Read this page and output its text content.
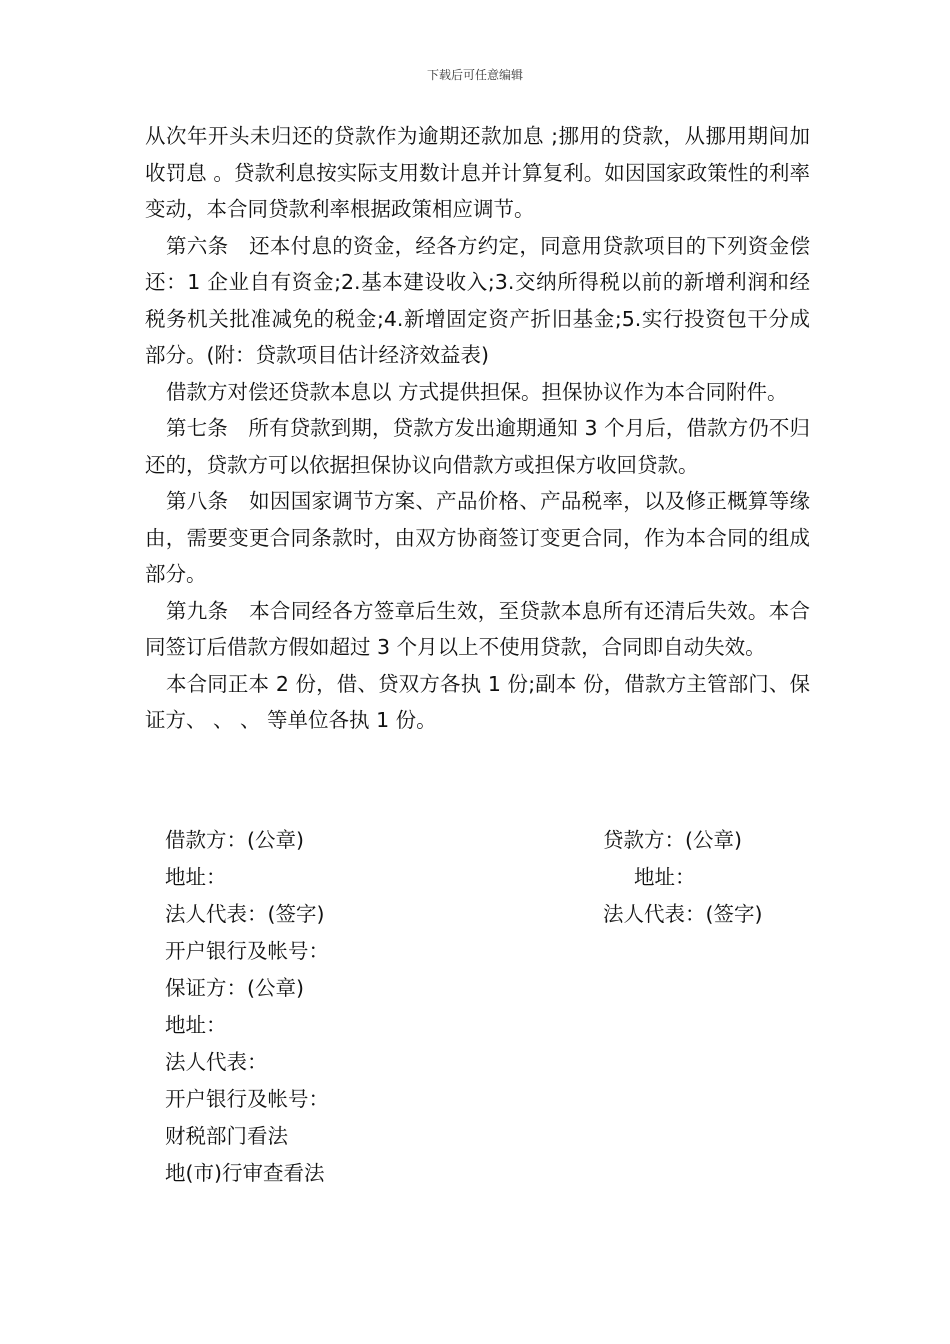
下载后可任意编辑

从次年开头未归还的贷款作为逾期还款加息 ;挪用的贷款，从挪用期间加收罚息 。贷款利息按实际支用数计息并计算复利。如因国家政策性的利率变动，本合同贷款利率根据政策相应调节。

第六条　还本付息的资金，经各方约定，同意用贷款项目的下列资金偿还：1 企业自有资金;2.基本建设收入;3.交纳所得税以前的新增利润和经税务机关批准减免的税金;4.新增固定资产折旧基金;5.实行投资包干分成部分。(附：贷款项目估计经济效益表)

借款方对偿还贷款本息以 方式提供担保。担保协议作为本合同附件。

第七条　所有贷款到期，贷款方发出逾期通知 3 个月后，借款方仍不归还的，贷款方可以依据担保协议向借款方或担保方收回贷款。

第八条　如因国家调节方案、产品价格、产品税率，以及修正概算等缘由，需要变更合同条款时，由双方协商签订变更合同，作为本合同的组成部分。

第九条　本合同经各方签章后生效，至贷款本息所有还清后失效。本合同签订后借款方假如超过 3 个月以上不使用贷款，合同即自动失效。

本合同正本 2 份，借、贷双方各执 1 份;副本 份，借款方主管部门、保证方、 、 、 等单位各执 1 份。

借款方：(公章)	贷款方：(公章)
地址：	地址：
法人代表：(签字)	法人代表：(签字)
开户银行及帐号：
保证方：(公章)
地址：
法人代表：
开户银行及帐号：
财税部门看法
地(市)行审查看法
